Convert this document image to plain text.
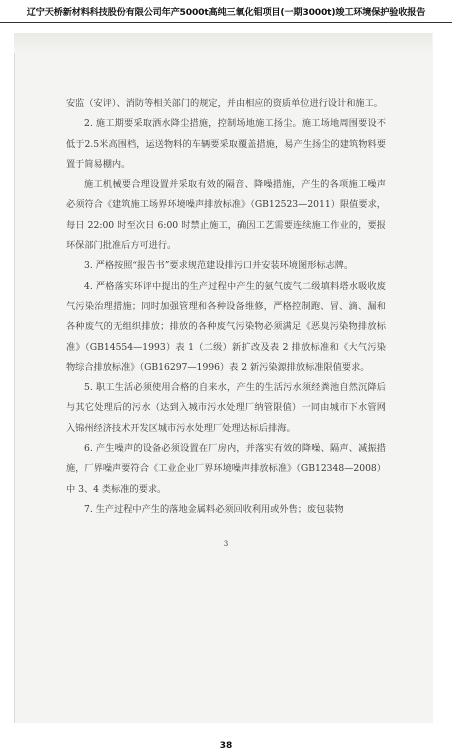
辽宁天桥新材料科技股份有限公司年产5000t高纯三氧化钼项目(一期3000t)竣工环境保护验收报告

安监（安评）、消防等相关部门的规定，并由相应的资质单位进行设计和施工。

2. 施工期要采取洒水降尘措施，控制场地施工扬尘。施工场地周围要设不低于2.5米高围档，运送物料的车辆要采取覆盖措施，易产生扬尘的建筑物料要置于简易棚内。

施工机械要合理设置并采取有效的隔音、降噪措施，产生的各项施工噪声必须符合《建筑施工场界环境噪声排放标准》（GB12523—2011）限值要求，每日 22:00 时至次日 6:00 时禁止施工，确因工艺需要连续施工作业的，要报环保部门批准后方可进行。

3. 严格按照“报告书”要求规范建设排污口并安装环境图形标志牌。

4. 严格落实环评中提出的生产过程中产生的氨气废气二级填料塔水吸收废气污染治理措施；同时加强管理和各种设备维修，严格控制跑、冒、滴、漏和各种废气的无组织排放；排放的各种废气污染物必须满足《恶臭污染物排放标准》（GB14554—1993）表 1（二级）新扩改及表 2 排放标准和《大气污染物综合排放标准》（GB16297—1996）表 2 新污染源排放标准限值要求。

5. 职工生活必须使用合格的自来水，产生的生活污水须经粪池自然沉降后与其它处理后的污水（达到入城市污水处理厂纳管限值）一同由城市下水管网入锦州经济技术开发区城市污水处理厂处理达标后排海。

6. 产生噪声的设备必须设置在厂房内，并落实有效的降噪、隔声、减振措施，厂界噪声要符合《工业企业厂界环境噪声排放标准》（GB12348—2008）中 3、4 类标准的要求。

7. 生产过程中产生的落地金属料必须回收利用或外售；废包装物

3
38
